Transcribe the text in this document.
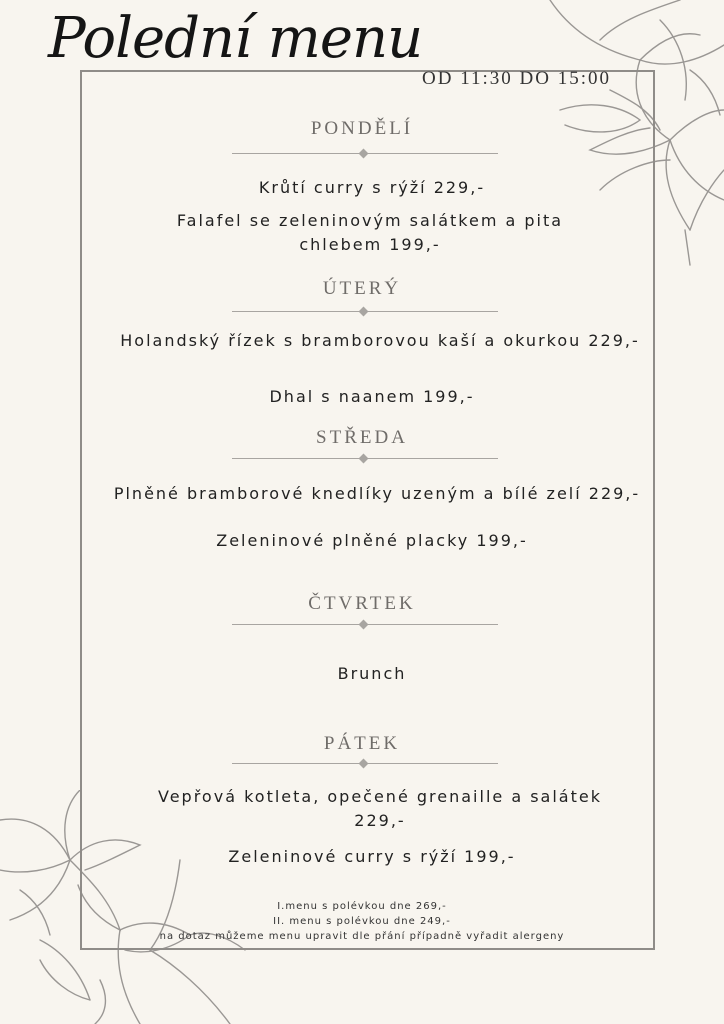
Polední menu
OD 11:30 DO 15:00
PONDĚLÍ
Krůtí curry s rýží 229,-
Falafel se zeleninovým salátkem a pita chlebem 199,-
ÚTERÝ
Holandský řízek s bramborovou kaší a okurkou 229,-
Dhal s naanem 199,-
STŘEDA
Plněné bramborové knedlíky uzeným a bílé zelí 229,-
Zeleninové plněné placky 199,-
ČTVRTEK
Brunch
PÁTEK
Vepřová kotleta, opečené grenaille a salátek 229,-
Zeleninové curry s rýží 199,-
I.menu s polévkou dne 269,-
II. menu s polévkou dne 249,-
na dotaz můžeme menu upravit dle přání případně vyřadit alergeny
